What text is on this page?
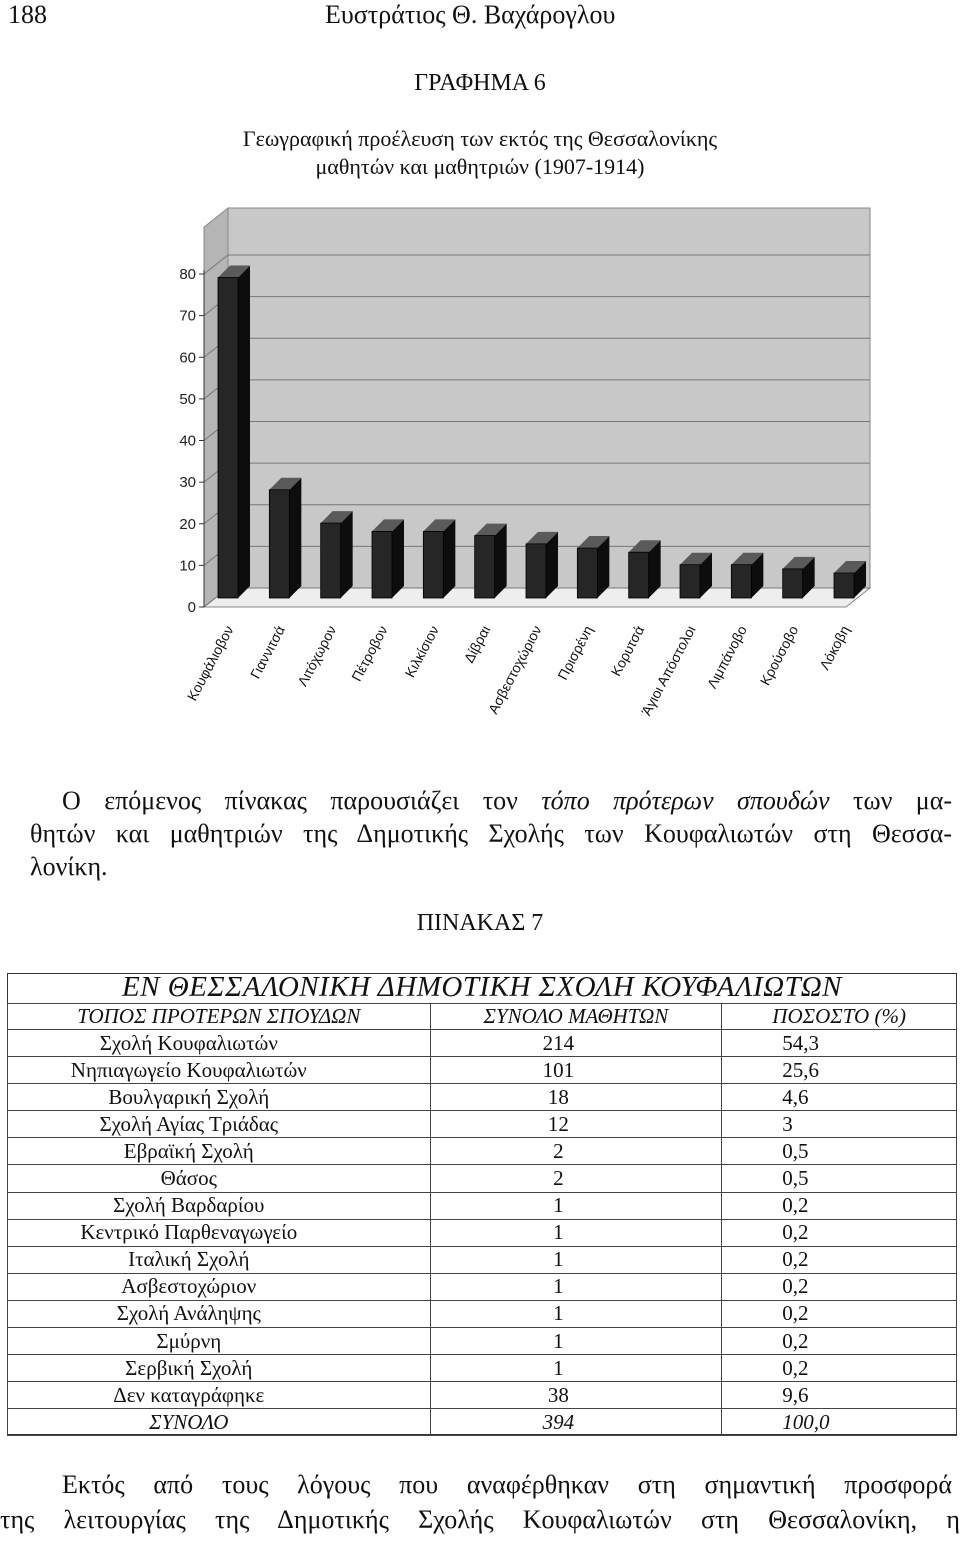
188	Ευστράτιος Θ. Βαχάρογλου
ΓΡΑΦΗΜΑ 6
Γεωγραφική προέλευση των εκτός της Θεσσαλονίκης
μαθητών και μαθητριών (1907-1914)
0
10
20
30
40
50
60
70
80
Κουφάλιοβον Γιαννιτσά Λιτόχωρον Πέτροβον Κιλκίσιον Δίβραι
Ασβεστοχώριον Πρισρένη Κορυτσά
Άγιοι Απόστολοι Λιμπάνοβο Κρούσοβο Λόκοβη
Ο επόμενος πίνακας παρουσιάζει τον τόπο πρότερων σπουδών των μα-
θητών και μαθητριών της Δημοτικής Σχολής των Κουφαλιωτών στη Θεσσα-
λονίκη.
ΠΙΝΑΚΑΣ 7
ΕΝ ΘΕΣΣΑΛΟΝΙΚΗ ΔΗΜΟΤΙΚΗ ΣΧΟΛΗ ΚΟΥΦΑΛΙΩΤΩΝ
ΤΟΠΟΣ ΠΡΟΤΕΡΩΝ ΣΠΟΥΔΩΝ	ΣΥΝΟΛΟ ΜΑΘΗΤΩΝ	ΠΟΣΟΣΤΟ (%)
Σχολή Κουφαλιωτών	214	54,3
Νηπιαγωγείο Κουφαλιωτών	101	25,6
Βουλγαρική Σχολή	18	4,6
Σχολή Αγίας Τριάδας	12	3
Εβραϊκή Σχολή	2	0,5
Θάσος	2	0,5
Σχολή Βαρδαρίου	1	0,2
Κεντρικό Παρθεναγωγείο	1	0,2
Ιταλική Σχολή	1	0,2
Ασβεστοχώριον	1	0,2
Σχολή Ανάληψης	1	0,2
Σμύρνη	1	0,2
Σερβική Σχολή	1	0,2
Δεν καταγράφηκε	38	9,6
ΣΥΝΟΛΟ	394	100,0
Εκτός από τους λόγους που αναφέρθηκαν στη σημαντική προσφορά
της λειτουργίας της Δημοτικής Σχολής Κουφαλιωτών στη Θεσσαλονίκη, η
